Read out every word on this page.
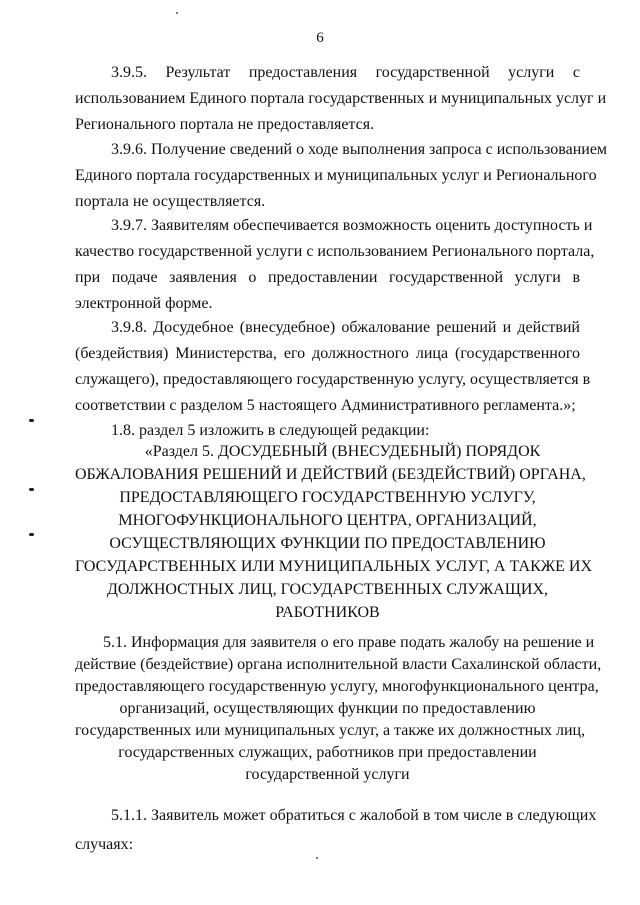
6
3.9.5. Результат предоставления государственной услуги с
использованием Единого портала государственных и муниципальных услуг и
Регионального портала не предоставляется.
3.9.6. Получение сведений о ходе выполнения запроса с использованием
Единого портала государственных и муниципальных услуг и Регионального
портала не осуществляется.
3.9.7. Заявителям обеспечивается возможность оценить доступность и
качество государственной услуги с использованием Регионального портала,
при подаче заявления о предоставлении государственной услуги в
электронной форме.
3.9.8. Досудебное (внесудебное) обжалование решений и действий
(бездействия) Министерства, его должностного лица (государственного
служащего), предоставляющего государственную услугу, осуществляется в
соответствии с разделом 5 настоящего Административного регламента.»;
1.8. раздел 5 изложить в следующей редакции:
«Раздел 5. ДОСУДЕБНЫЙ (ВНЕСУДЕБНЫЙ) ПОРЯДОК
ОБЖАЛОВАНИЯ РЕШЕНИЙ И ДЕЙСТВИЙ (БЕЗДЕЙСТВИЙ) ОРГАНА,
ПРЕДОСТАВЛЯЮЩЕГО ГОСУДАРСТВЕННУЮ УСЛУГУ,
МНОГОФУНКЦИОНАЛЬНОГО ЦЕНТРА, ОРГАНИЗАЦИЙ,
ОСУЩЕСТВЛЯЮЩИХ ФУНКЦИИ ПО ПРЕДОСТАВЛЕНИЮ
ГОСУДАРСТВЕННЫХ ИЛИ МУНИЦИПАЛЬНЫХ УСЛУГ, А ТАКЖЕ ИХ
ДОЛЖНОСТНЫХ ЛИЦ, ГОСУДАРСТВЕННЫХ СЛУЖАЩИХ,
РАБОТНИКОВ
5.1. Информация для заявителя о его праве подать жалобу на решение и
действие (бездействие) органа исполнительной власти Сахалинской области,
предоставляющего государственную услугу, многофункционального центра,
организаций, осуществляющих функции по предоставлению
государственных или муниципальных услуг, а также их должностных лиц,
государственных служащих, работников при предоставлении
государственной услуги
5.1.1. Заявитель может обратиться с жалобой в том числе в следующих
случаях:
